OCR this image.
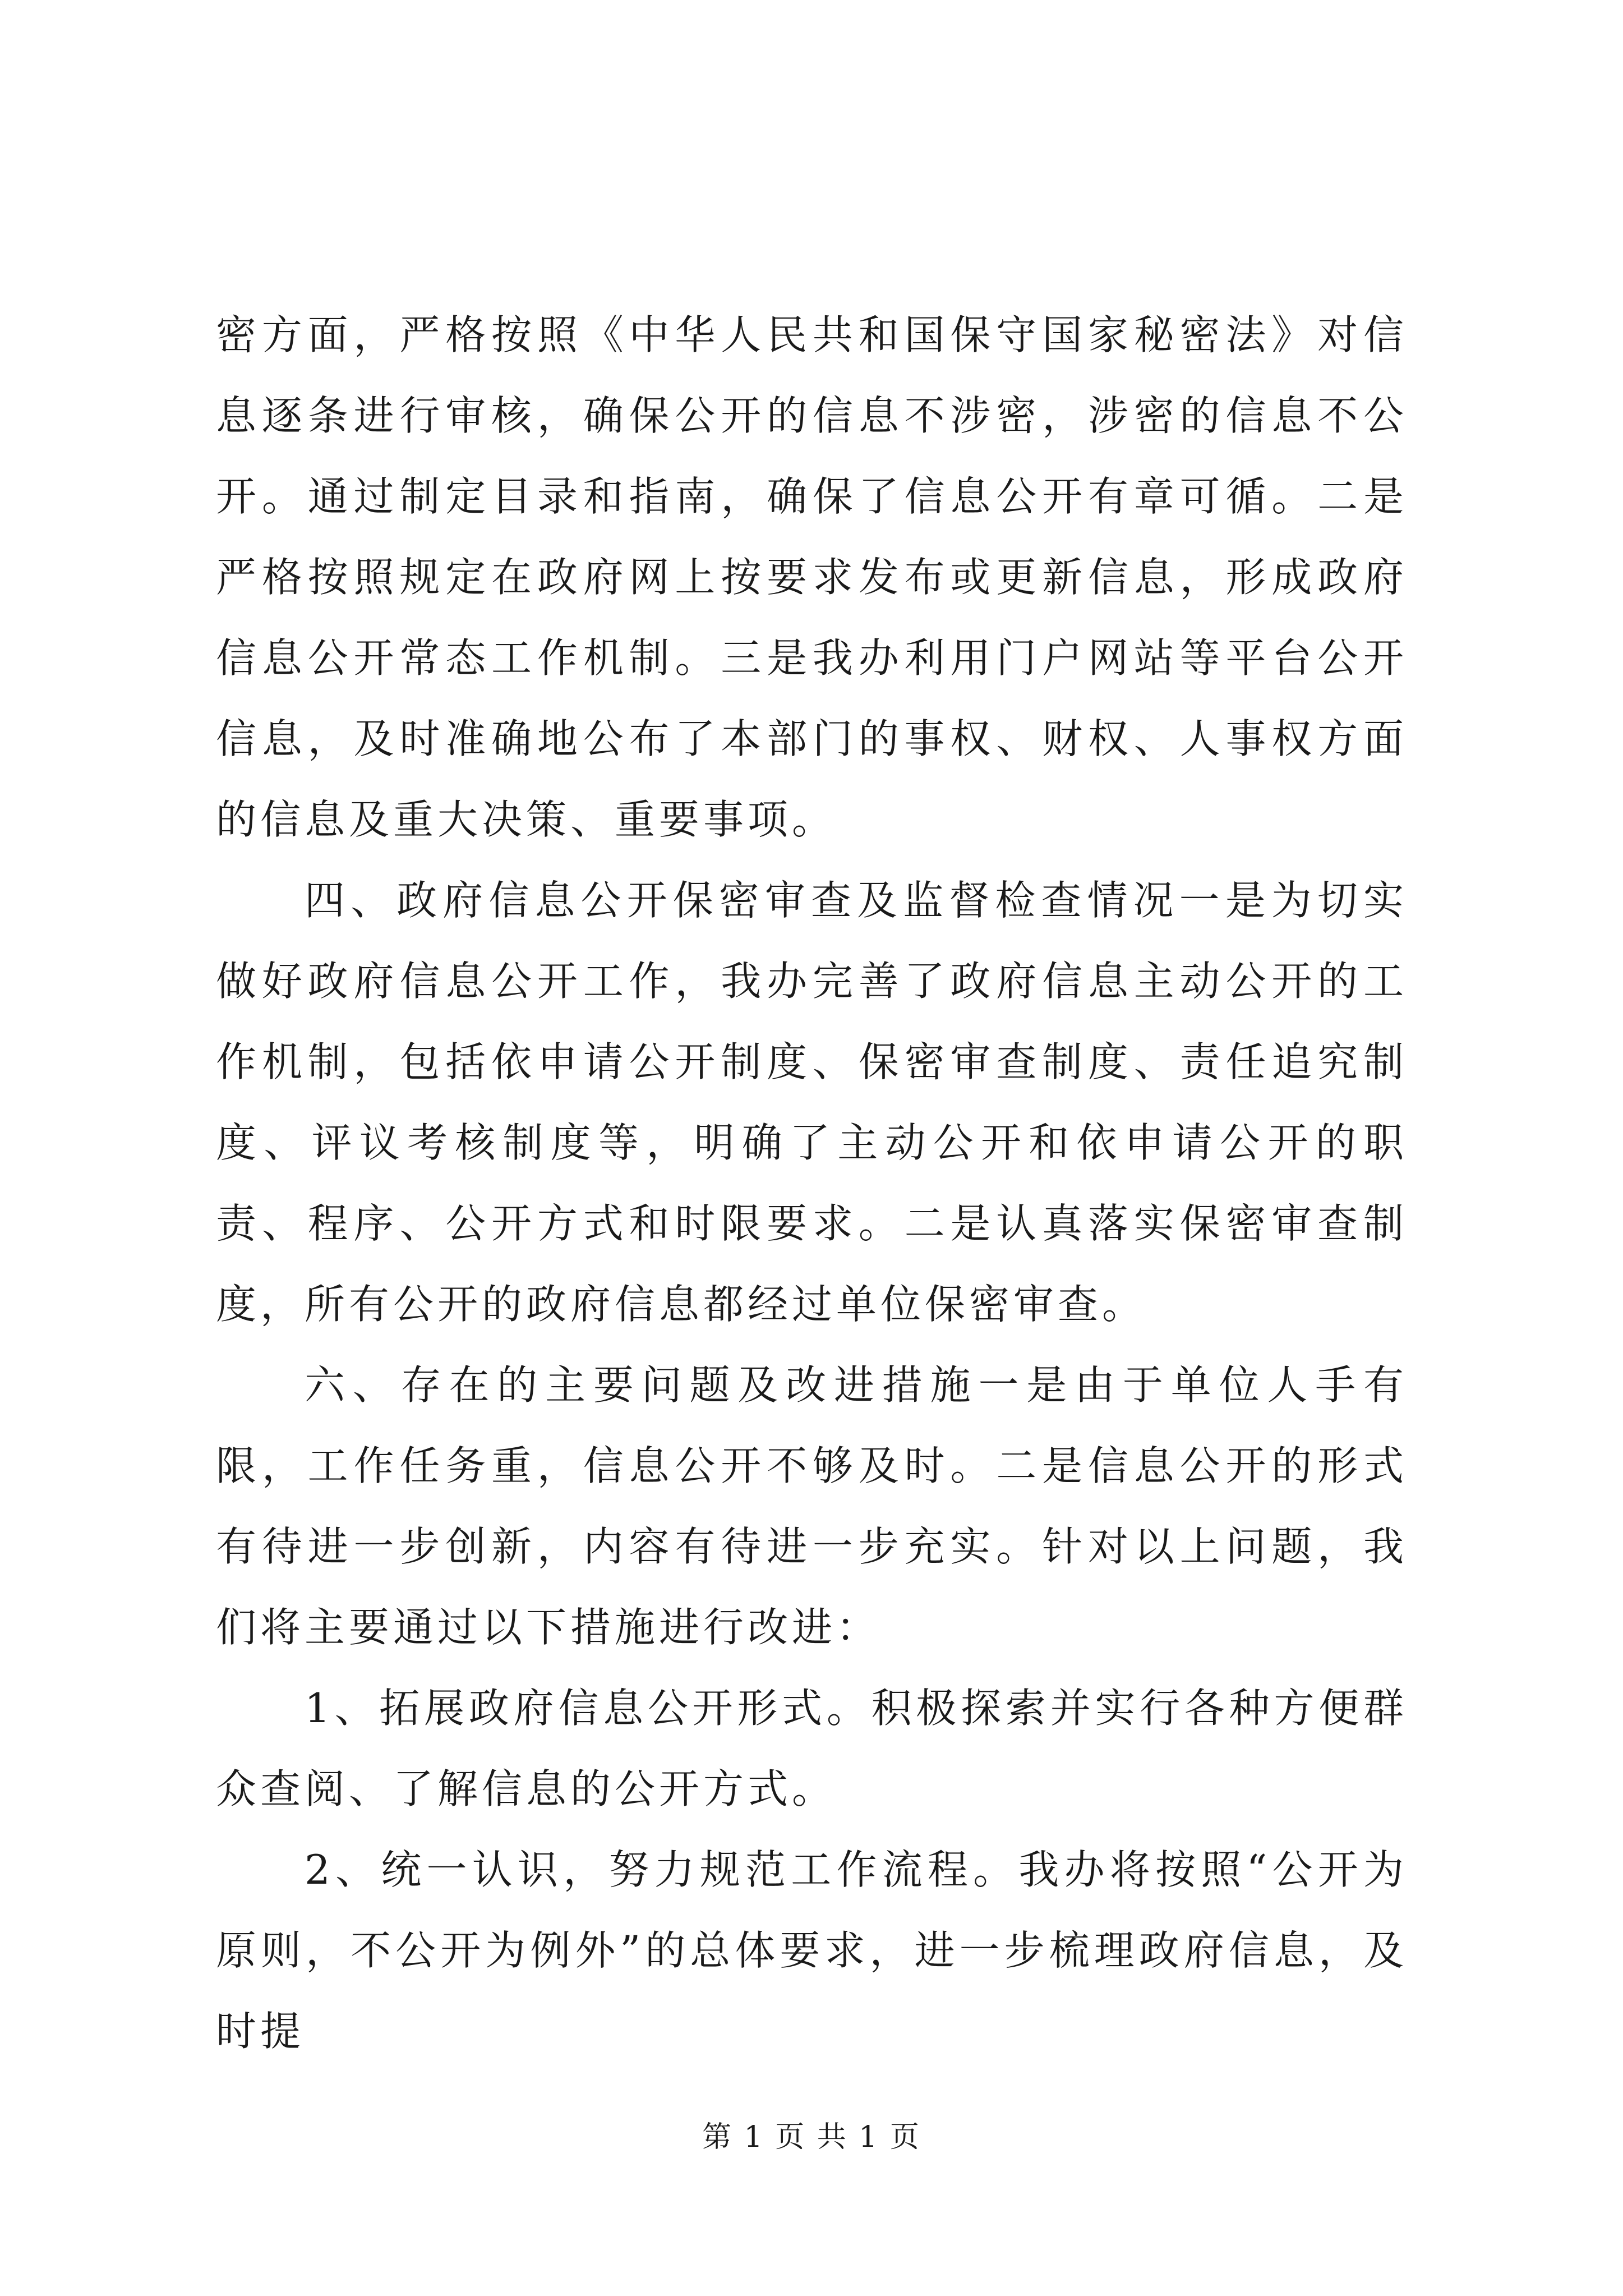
密方面，严格按照《中华人民共和国保守国家秘密法》对信息逐条进行审核，确保公开的信息不涉密，涉密的信息不公开。通过制定目录和指南，确保了信息公开有章可循。二是严格按照规定在政府网上按要求发布或更新信息，形成政府信息公开常态工作机制。三是我办利用门户网站等平台公开信息，及时准确地公布了本部门的事权、财权、人事权方面的信息及重大决策、重要事项。

四、政府信息公开保密审查及监督检查情况一是为切实做好政府信息公开工作，我办完善了政府信息主动公开的工作机制，包括依申请公开制度、保密审查制度、责任追究制度、评议考核制度等，明确了主动公开和依申请公开的职责、程序、公开方式和时限要求。二是认真落实保密审查制度，所有公开的政府信息都经过单位保密审查。

六、存在的主要问题及改进措施一是由于单位人手有限，工作任务重，信息公开不够及时。二是信息公开的形式有待进一步创新，内容有待进一步充实。针对以上问题，我们将主要通过以下措施进行改进：

1、拓展政府信息公开形式。积极探索并实行各种方便群众查阅、了解信息的公开方式。

2、统一认识，努力规范工作流程。我办将按照“公开为原则，不公开为例外”的总体要求，进一步梳理政府信息，及时提

第 1 页 共 1 页
